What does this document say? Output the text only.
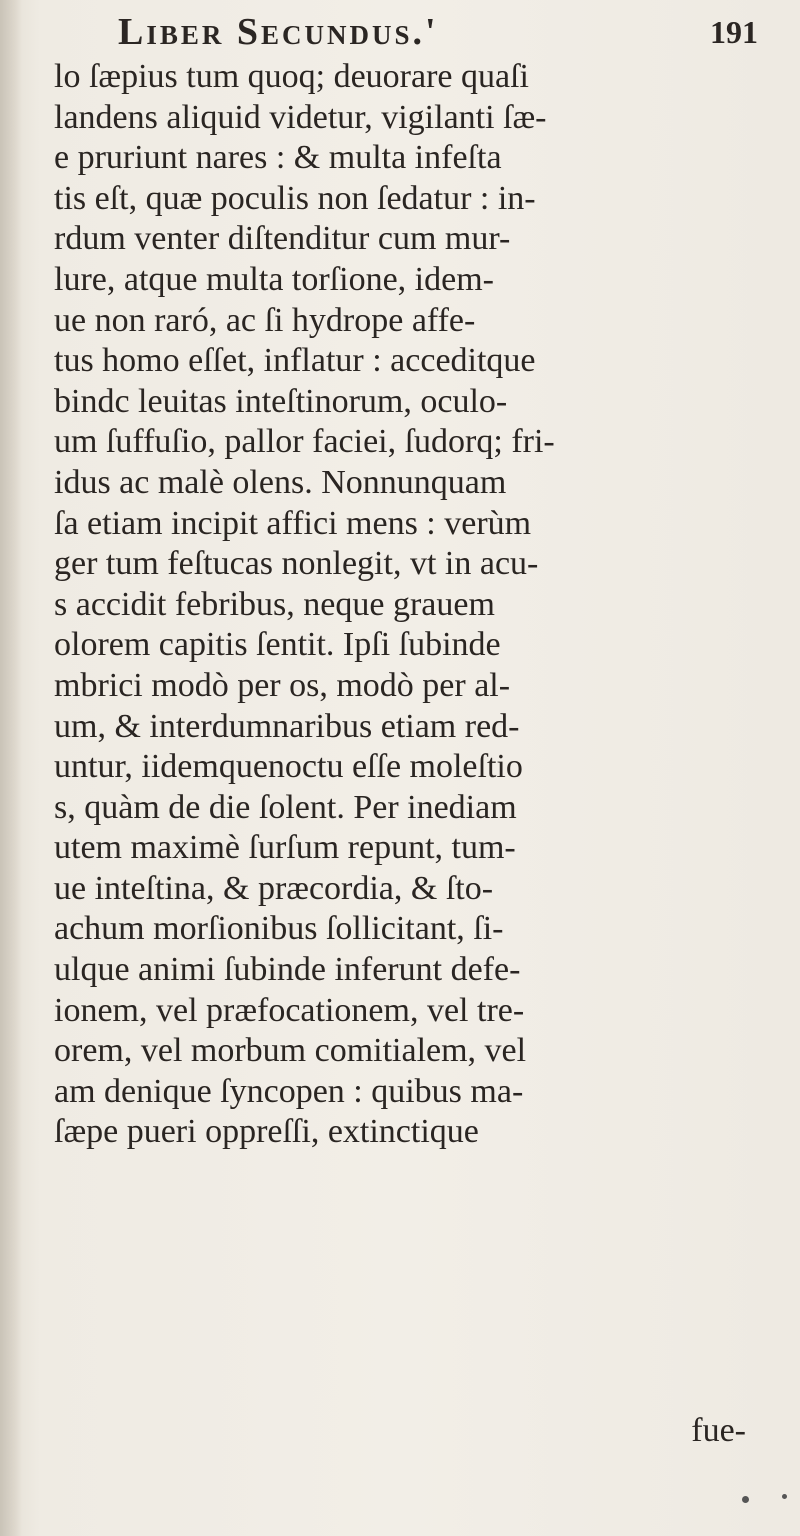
Liber Secundus.'	191
lo ſæpius tum quoq; deuorare quaſi
landens aliquid videtur, vigilanti ſæ-
e pruriunt nares : & multa infeſta
tis eſt, quæ poculis non ſedatur : in-
rdum venter diſtenditur cum mur-
lure, atque multa torſione, idem-
ue non raró, ac ſi hydrope affe-
tus homo eſſet, inflatur : acceditque
bindc leuitas inteſtinorum, oculo-
um ſuffuſio, pallor faciei, ſudorq; fri-
idus ac malè olens. Nonnunquam
ſa etiam incipit affici mens : verùm
ger tum feſtucas nonlegit, vt in acu-
s accidit febribus, neque grauem
olorem capitis ſentit. Ipſi ſubinde
mbrici modò per os, modò per al-
um, & interdumnaribus etiam red-
untur, iidemquenoctu eſſe moleſtio
s, quàm de die ſolent. Per inediam
utem maximè ſurſum repunt, tum-
ue inteſtina, & præcordia, & ſto-
achum morſionibus ſollicitant, ſi-
ulque animi ſubinde inferunt defe-
ionem, vel præfocationem, vel tre-
orem, vel morbum comitialem, vel
am denique ſyncopen : quibus ma-
ſæpe pueri oppreſſi, extinctique
fue-
